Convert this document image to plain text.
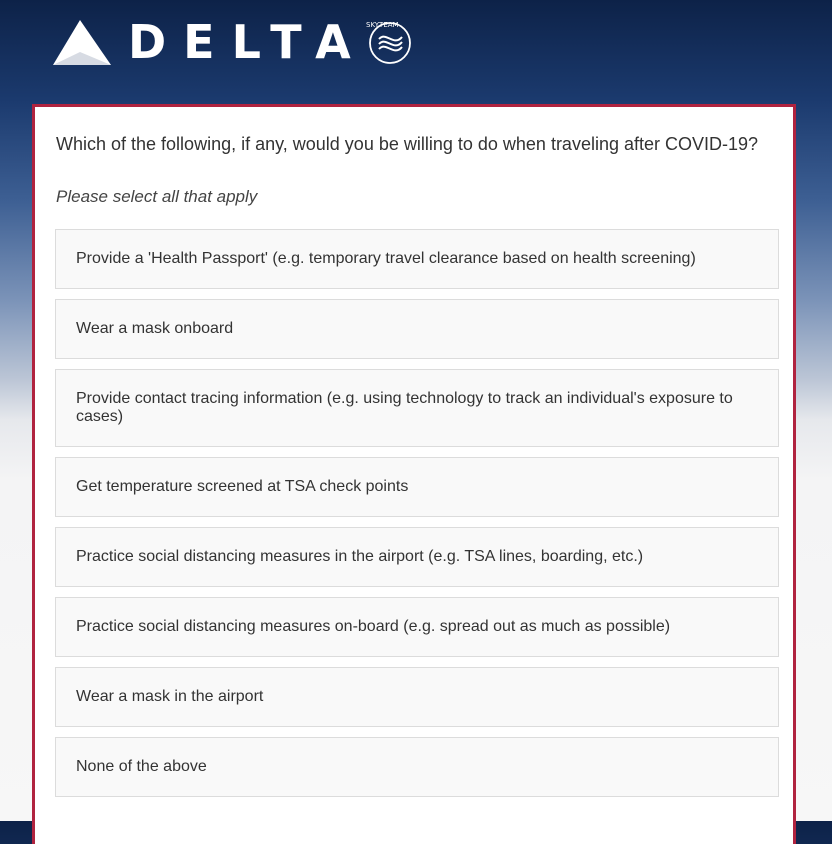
DELTA
SKYTEAM
Which of the following, if any, would you be willing to do when traveling after COVID-19?
Please select all that apply
Provide a 'Health Passport' (e.g. temporary travel clearance based on health screening)
Wear a mask onboard
Provide contact tracing information (e.g. using technology to track an individual's exposure to cases)
Get temperature screened at TSA check points
Practice social distancing measures in the airport (e.g. TSA lines, boarding, etc.)
Practice social distancing measures on-board (e.g. spread out as much as possible)
Wear a mask in the airport
None of the above
